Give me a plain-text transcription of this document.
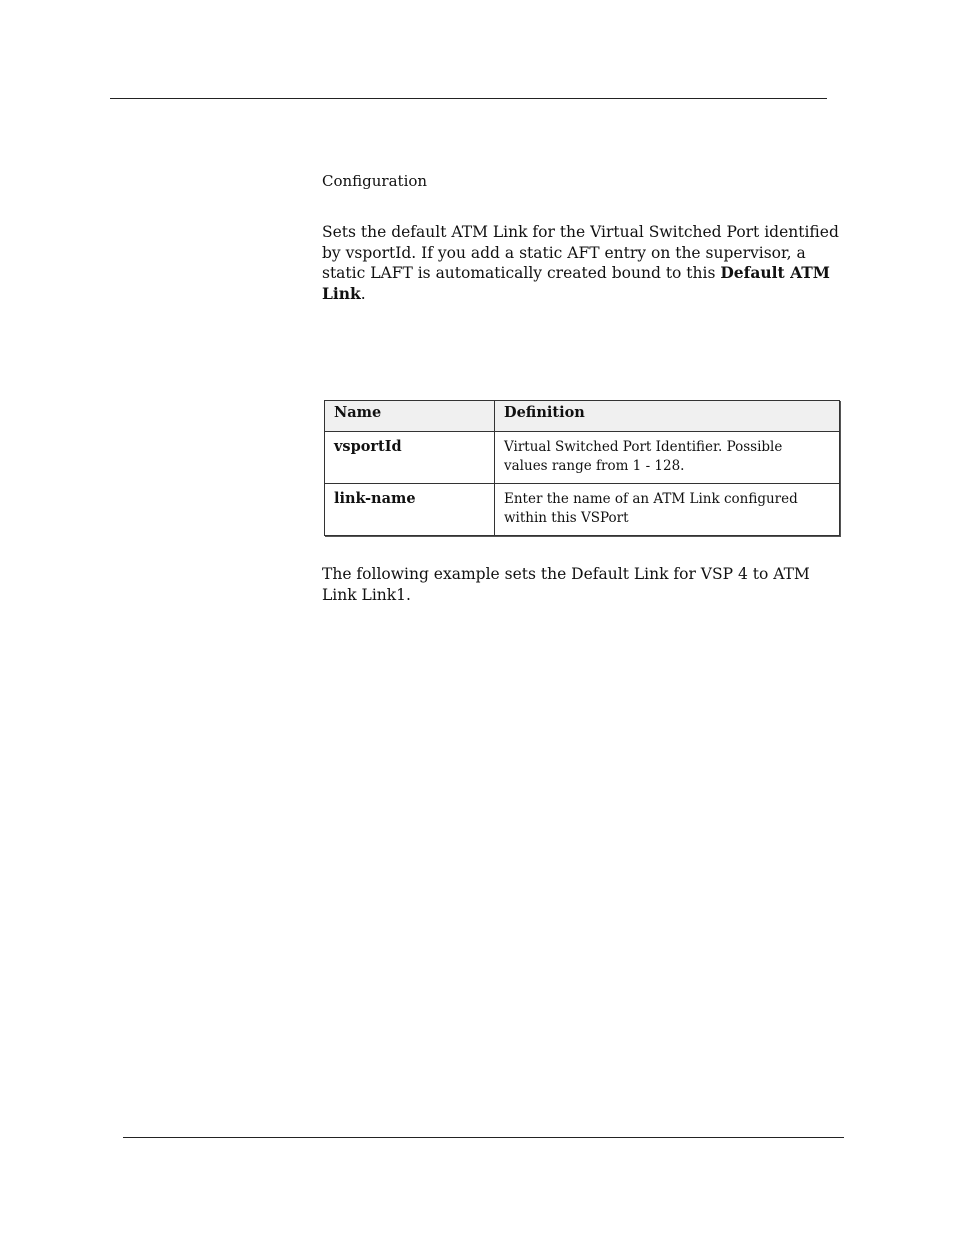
Configuration

Sets the default ATM Link for the Virtual Switched Port identified by vsportId. If you add a static AFT entry on the supervisor, a static LAFT is automatically created bound to this Default ATM Link.

Name	Definition
vsportId	Virtual Switched Port Identifier. Possible values range from 1 - 128.
link-name	Enter the name of an ATM Link configured within this VSPort

The following example sets the Default Link for VSP 4 to ATM Link Link1.
